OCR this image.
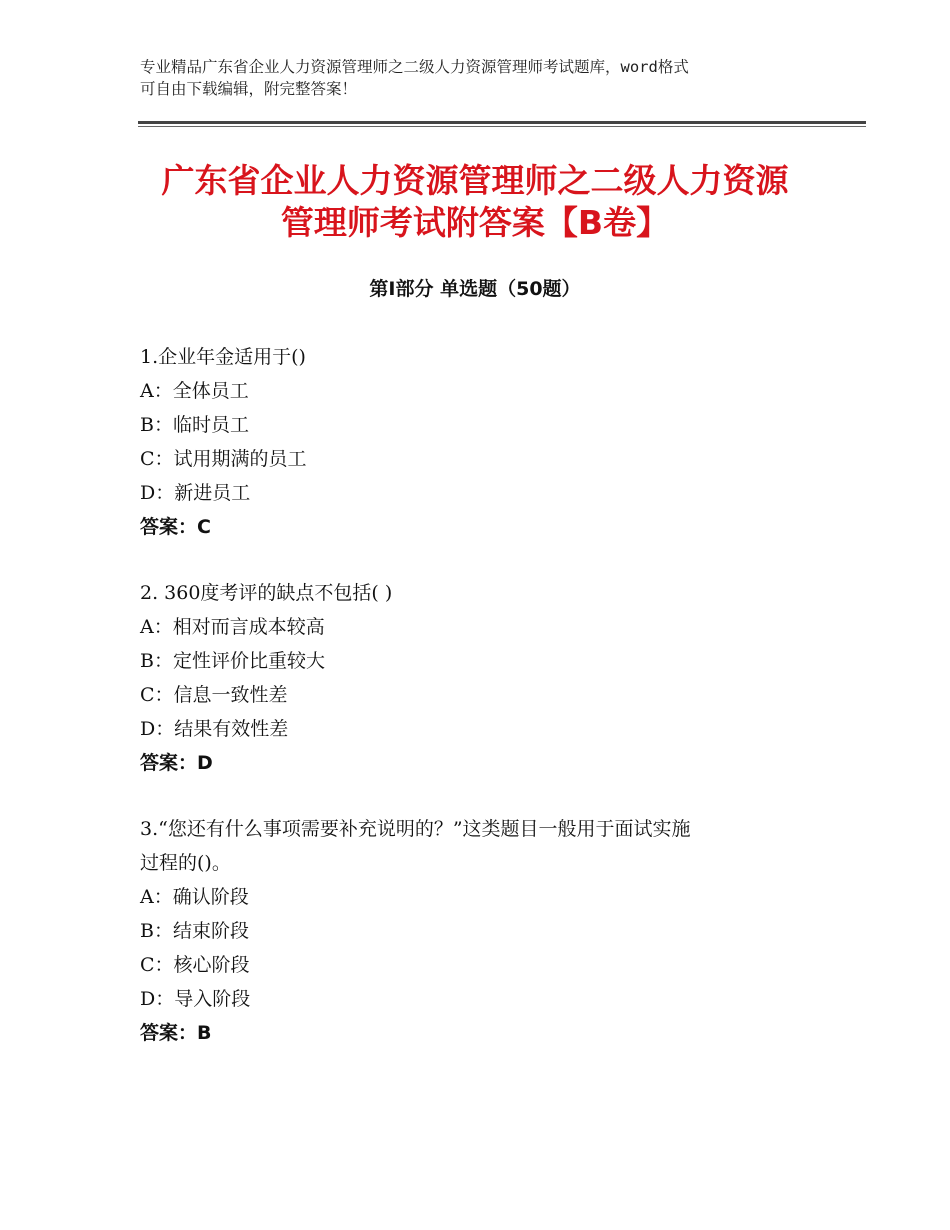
专业精品广东省企业人力资源管理师之二级人力资源管理师考试题库，word格式
可自由下载编辑，附完整答案！
广东省企业人力资源管理师之二级人力资源
管理师考试附答案【B卷】
第Ⅰ部分 单选题（50题）
1.企业年金适用于()
A：全体员工
B：临时员工
C：试用期满的员工
D：新进员工
答案：C
2. 360度考评的缺点不包括( )
A：相对而言成本较高
B：定性评价比重较大
C：信息一致性差
D：结果有效性差
答案：D
3.“您还有什么事项需要补充说明的？”这类题目一般用于面试实施
过程的()。
A：确认阶段
B：结束阶段
C：核心阶段
D：导入阶段
答案：B
